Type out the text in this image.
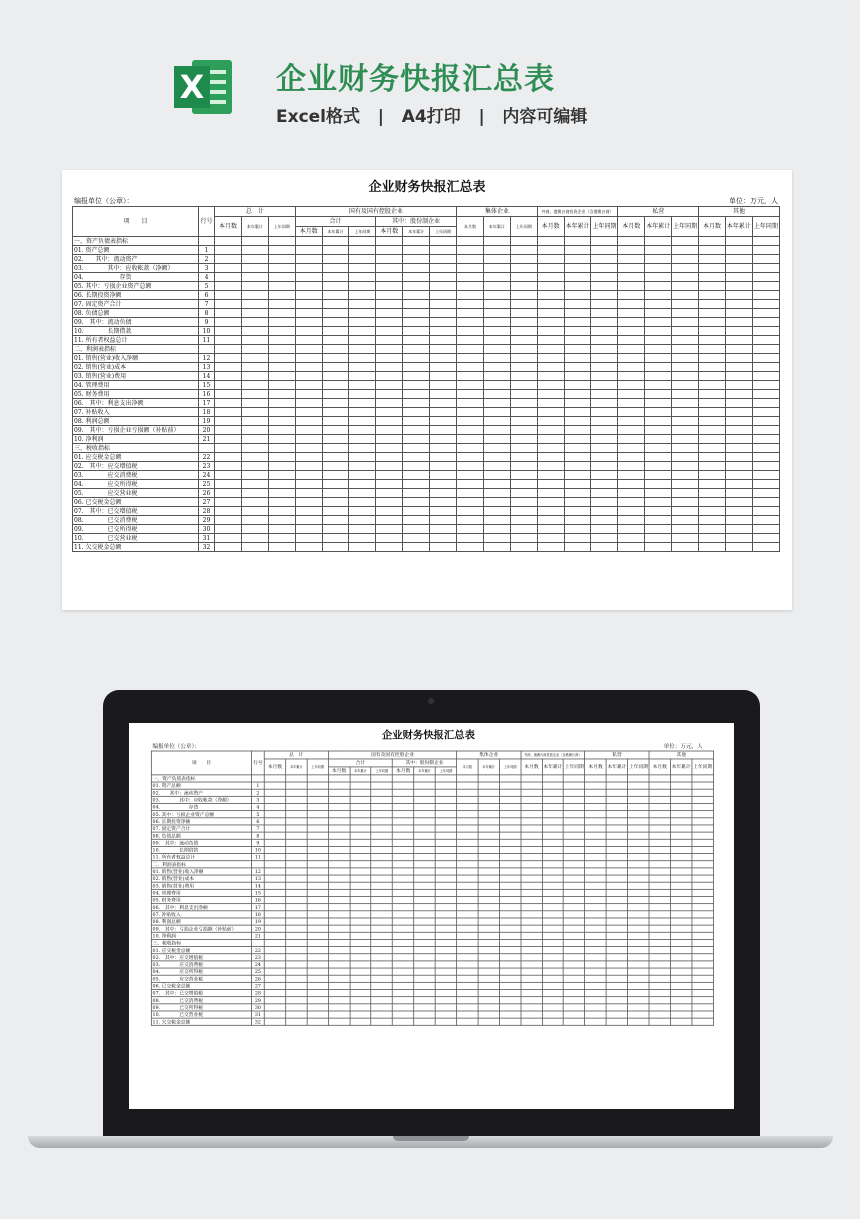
X 企业财务快报汇总表
Excel格式   |   A4打印   |   内容可编辑
企业财务快报汇总表
编报单位（公章）：	单位：万元，人
项　　目	行号	总　计			国有及国有控股企业						集体企业			外商、港澳台商投资企业（含港澳台商）			私营			其他		
		本月数	本年累计	上年同期	合计			其中：股份制企业			本月数	本年累计	上年同期	本月数	本年累计	上年同期	本月数	本年累计	上年同期	本月数	本年累计	上年同期
					本月数	本年累计	上年同期	本月数	本年累计	上年同期												
一、资产负债表指标																						
01. 资产总额	1																					
02.　　其中：流动资产	2																					
03.　　　　其中：应收帐款（净额）	3																					
04.　　　　　　存货	4																					
05. 其中：亏损企业资产总额	5																					
06. 长期投资净额	6																					
07. 固定资产合计	7																					
08. 负债总额	8																					
09.　其中：流动负债	9																					
10.　　　　长期借款	10																					
11. 所有者权益总计	11																					
二、利润表指标																						
01. 销售(营业)收入净额	12																					
02. 销售(营业)成本	13																					
03. 销售(营业)费用	14																					
04. 管理费用	15																					
05. 财务费用	16																					
06.　其中：利息支出净额	17																					
07. 补贴收入	18																					
08. 利润总额	19																					
09.　其中：亏损企业亏损额（补贴前）	20																					
10. 净利润	21																					
三、税收指标																						
01. 应交税金总额	22																					
02.　其中：应交增值税	23																					
03.　　　　应交消费税	24																					
04.　　　　应交所得税	25																					
05.　　　　应交营业税	26																					
06. 已交税金总额	27																					
07.　其中：已交增值税	28																					
08.　　　　已交消费税	29																					
09.　　　　已交所得税	30																					
10.　　　　已交营业税	31																					
11. 欠交税金总额	32																					
企业财务快报汇总表
编报单位（公章）：	单位：万元，人
项　　目	行号	总　计			国有及国有控股企业						集体企业			外商、港澳台商投资企业（含港澳台商）			私营			其他		
		本月数	本年累计	上年同期	合计			其中：股份制企业			本月数	本年累计	上年同期	本月数	本年累计	上年同期	本月数	本年累计	上年同期	本月数	本年累计	上年同期
					本月数	本年累计	上年同期	本月数	本年累计	上年同期												
一、资产负债表指标																						
01. 资产总额	1																					
02.　　其中：流动资产	2																					
03.　　　　其中：应收帐款（净额）	3																					
04.　　　　　　存货	4																					
05. 其中：亏损企业资产总额	5																					
06. 长期投资净额	6																					
07. 固定资产合计	7																					
08. 负债总额	8																					
09.　其中：流动负债	9																					
10.　　　　长期借款	10																					
11. 所有者权益总计	11																					
二、利润表指标																						
01. 销售(营业)收入净额	12																					
02. 销售(营业)成本	13																					
03. 销售(营业)费用	14																					
04. 管理费用	15																					
05. 财务费用	16																					
06.　其中：利息支出净额	17																					
07. 补贴收入	18																					
08. 利润总额	19																					
09.　其中：亏损企业亏损额（补贴前）	20																					
10. 净利润	21																					
三、税收指标																						
01. 应交税金总额	22																					
02.　其中：应交增值税	23																					
03.　　　　应交消费税	24																					
04.　　　　应交所得税	25																					
05.　　　　应交营业税	26																					
06. 已交税金总额	27																					
07.　其中：已交增值税	28																					
08.　　　　已交消费税	29																					
09.　　　　已交所得税	30																					
10.　　　　已交营业税	31																					
11. 欠交税金总额	32																					
